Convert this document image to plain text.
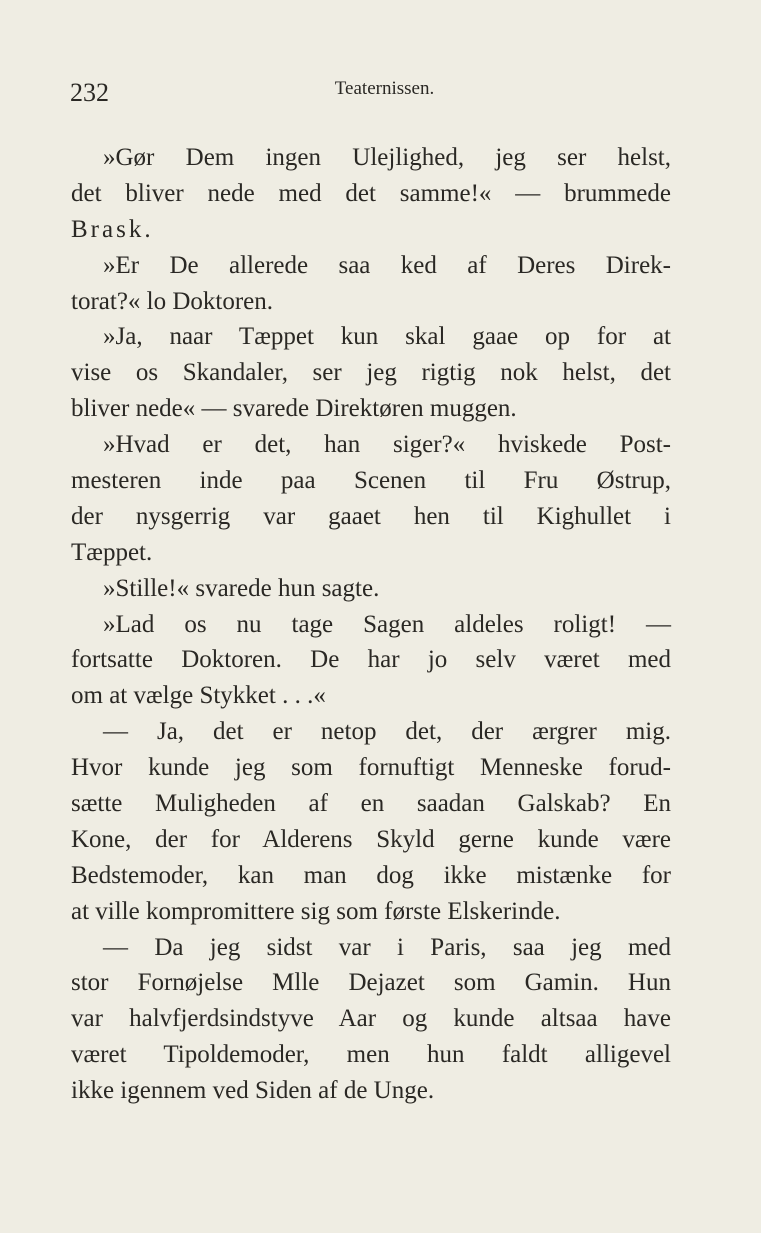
232	Teaternissen.
»Gør Dem ingen Ulejlighed, jeg ser helst,
det bliver nede med det samme!« — brummede
Brask.
»Er De allerede saa ked af Deres Direk-
torat?« lo Doktoren.
»Ja, naar Tæppet kun skal gaae op for at
vise os Skandaler, ser jeg rigtig nok helst, det
bliver nede« — svarede Direktøren muggen.
»Hvad er det, han siger?« hviskede Post-
mesteren inde paa Scenen til Fru Østrup,
der nysgerrig var gaaet hen til Kighullet i
Tæppet.
»Stille!« svarede hun sagte.
»Lad os nu tage Sagen aldeles roligt! —
fortsatte Doktoren. De har jo selv været med
om at vælge Stykket . . .«
— Ja, det er netop det, der ærgrer mig.
Hvor kunde jeg som fornuftigt Menneske forud-
sætte Muligheden af en saadan Galskab? En
Kone, der for Alderens Skyld gerne kunde være
Bedstemoder, kan man dog ikke mistænke for
at ville kompromittere sig som første Elskerinde.
— Da jeg sidst var i Paris, saa jeg med
stor Fornøjelse Mlle Dejazet som Gamin. Hun
var halvfjerdsindstyve Aar og kunde altsaa have
været Tipoldemoder, men hun faldt alligevel
ikke igennem ved Siden af de Unge.
